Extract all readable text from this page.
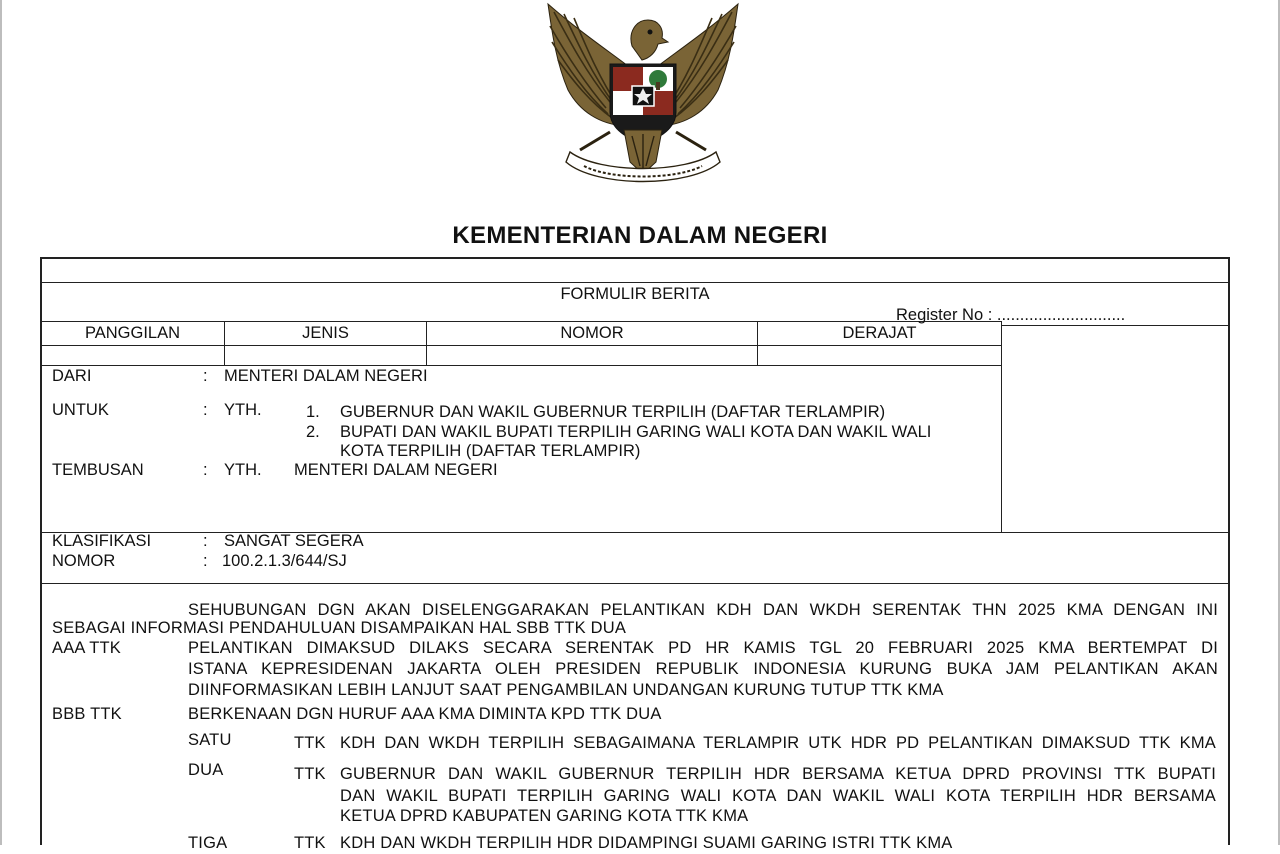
KEMENTERIAN DALAM NEGERI
FORMULIR BERITA
Register No : ............................
PANGGILAN	JENIS	NOMOR	DERAJAT
DARI	: MENTERI DALAM NEGERI
UNTUK	: YTH.	1. GUBERNUR DAN WAKIL GUBERNUR TERPILIH (DAFTAR TERLAMPIR)
2. BUPATI DAN WAKIL BUPATI TERPILIH GARING WALI KOTA DAN WAKIL WALI
KOTA TERPILIH (DAFTAR TERLAMPIR)
TEMBUSAN	: YTH. MENTERI DALAM NEGERI
KLASIFIKASI	: SANGAT SEGERA
NOMOR	: 100.2.1.3/644/SJ
SEHUBUNGAN DGN AKAN DISELENGGARAKAN PELANTIKAN KDH DAN WKDH SERENTAK THN 2025 KMA DENGAN INI
SEBAGAI INFORMASI PENDAHULUAN DISAMPAIKAN HAL SBB TTK DUA
AAA TTK	PELANTIKAN DIMAKSUD DILAKS SECARA SERENTAK PD HR KAMIS TGL 20 FEBRUARI 2025 KMA BERTEMPAT DI
ISTANA KEPRESIDENAN JAKARTA OLEH PRESIDEN REPUBLIK INDONESIA KURUNG BUKA JAM PELANTIKAN AKAN
DIINFORMASIKAN LEBIH LANJUT SAAT PENGAMBILAN UNDANGAN KURUNG TUTUP TTK KMA
BBB TTK	BERKENAAN DGN HURUF AAA KMA DIMINTA KPD TTK DUA
SATU	TTK KDH DAN WKDH TERPILIH SEBAGAIMANA TERLAMPIR UTK HDR PD PELANTIKAN DIMAKSUD TTK KMA
DUA	TTK GUBERNUR DAN WAKIL GUBERNUR TERPILIH HDR BERSAMA KETUA DPRD PROVINSI TTK BUPATI
DAN WAKIL BUPATI TERPILIH GARING WALI KOTA DAN WAKIL WALI KOTA TERPILIH HDR BERSAMA
KETUA DPRD KABUPATEN GARING KOTA TTK KMA
TIGA	TTK KDH DAN WKDH TERPILIH HDR DIDAMPINGI SUAMI GARING ISTRI TTK KMA
